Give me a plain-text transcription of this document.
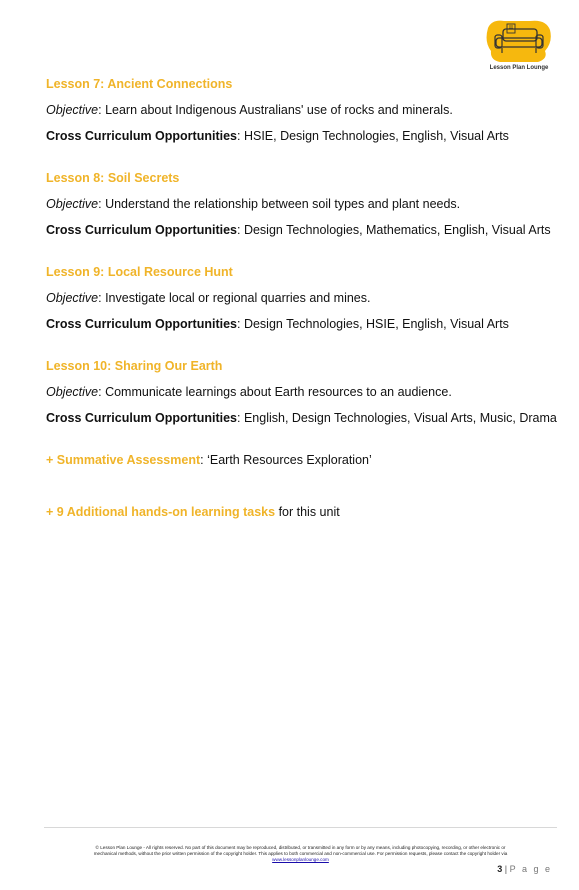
Lesson Plan Lounge
Lesson 7: Ancient Connections
Objective: Learn about Indigenous Australians' use of rocks and minerals.
Cross Curriculum Opportunities: HSIE, Design Technologies, English, Visual Arts
Lesson 8: Soil Secrets
Objective: Understand the relationship between soil types and plant needs.
Cross Curriculum Opportunities: Design Technologies, Mathematics, English, Visual Arts
Lesson 9: Local Resource Hunt
Objective: Investigate local or regional quarries and mines.
Cross Curriculum Opportunities: Design Technologies, HSIE, English, Visual Arts
Lesson 10: Sharing Our Earth
Objective: Communicate learnings about Earth resources to an audience.
Cross Curriculum Opportunities: English, Design Technologies, Visual Arts, Music, Drama
+ Summative Assessment: ‘Earth Resources Exploration’
+ 9 Additional hands-on learning tasks for this unit
© Lesson Plan Lounge - All rights reserved. No part of this document may be reproduced, distributed, or transmitted in any form or by any means, including photocopying, recording, or other electronic or
mechanical methods, without the prior written permission of the copyright holder. This applies to both commercial and non-commercial use. For permission requests, please contact the copyright holder via
www.lessonplanlounge.com
3 | P a g e
